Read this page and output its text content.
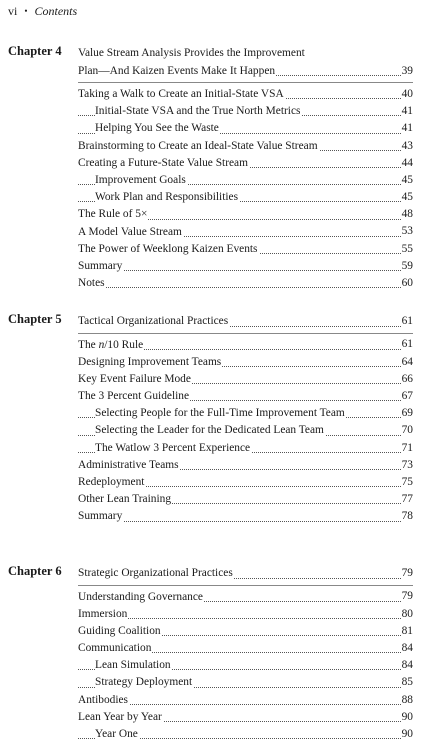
vi • Contents
Chapter 4 Value Stream Analysis Provides the Improvement
Plan—And Kaizen Events Make It Happen	39
Taking a Walk to Create an Initial-State VSA	40
Initial-State VSA and the True North Metrics	41
Helping You See the Waste	41
Brainstorming to Create an Ideal-State Value Stream	43
Creating a Future-State Value Stream	44
Improvement Goals	45
Work Plan and Responsibilities	45
The Rule of 5×	48
A Model Value Stream	53
The Power of Weeklong Kaizen Events	55
Summary	59
Notes	60
Chapter 5 Tactical Organizational Practices	61
The n/10 Rule	61
Designing Improvement Teams	64
Key Event Failure Mode	66
The 3 Percent Guideline	67
Selecting People for the Full-Time Improvement Team	69
Selecting the Leader for the Dedicated Lean Team	70
The Watlow 3 Percent Experience	71
Administrative Teams	73
Redeployment	75
Other Lean Training	77
Summary	78
Chapter 6 Strategic Organizational Practices	79
Understanding Governance	79
Immersion	80
Guiding Coalition	81
Communication	84
Lean Simulation	84
Strategy Deployment	85
Antibodies	88
Lean Year by Year	90
Year One	90
